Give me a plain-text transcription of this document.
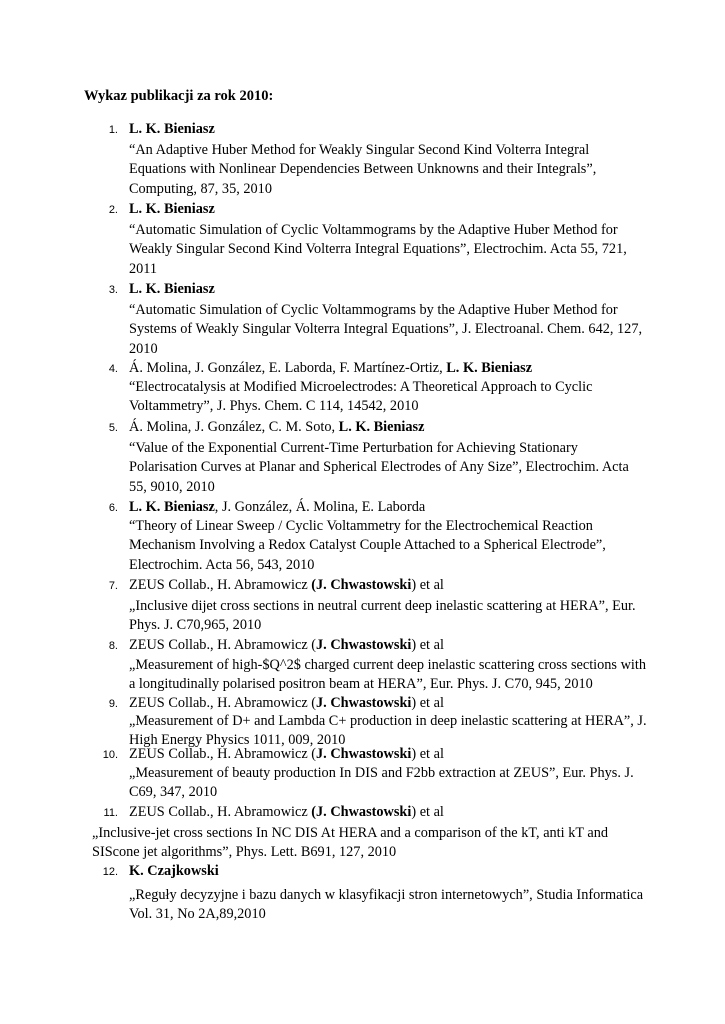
Wykaz publikacji za rok 2010:
1. L. K. Bieniasz
“An Adaptive Huber Method for Weakly Singular Second Kind Volterra Integral Equations with Nonlinear Dependencies Between Unknowns and their Integrals”, Computing, 87, 35, 2010
2. L. K. Bieniasz
“Automatic Simulation of Cyclic Voltammograms by the Adaptive Huber Method for Weakly Singular Second Kind Volterra Integral Equations”, Electrochim. Acta 55, 721, 2011
3. L. K. Bieniasz
“Automatic Simulation of Cyclic Voltammograms by the Adaptive Huber Method for Systems of Weakly Singular Volterra Integral Equations”, J. Electroanal. Chem. 642, 127, 2010
4. Á. Molina, J. González, E. Laborda, F. Martínez-Ortiz, L. K. Bieniasz
“Electrocatalysis at Modified Microelectrodes: A Theoretical Approach to Cyclic Voltammetry”, J. Phys. Chem. C 114, 14542, 2010
5. Á. Molina, J. González, C. M. Soto, L. K. Bieniasz
“Value of the Exponential Current-Time Perturbation for Achieving Stationary Polarisation Curves at Planar and Spherical Electrodes of Any Size”, Electrochim. Acta 55, 9010, 2010
6. L. K. Bieniasz, J. González, Á. Molina, E. Laborda
“Theory of Linear Sweep / Cyclic Voltammetry for the Electrochemical Reaction Mechanism Involving a Redox Catalyst Couple Attached to a Spherical Electrode”, Electrochim. Acta 56, 543, 2010
7. ZEUS Collab., H. Abramowicz (J. Chwastowski) et al
„Inclusive dijet cross sections in neutral current deep inelastic scattering at HERA”, Eur. Phys. J. C70,965, 2010
8. ZEUS Collab., H. Abramowicz (J. Chwastowski) et al
„Measurement of high-$Q^2$ charged current deep inelastic scattering cross sections with a longitudinally polarised positron beam at HERA”, Eur. Phys. J. C70, 945, 2010
9. ZEUS Collab., H. Abramowicz (J. Chwastowski) et al
„Measurement of D+ and Lambda C+ production in deep inelastic scattering at HERA”, J. High Energy Physics 1011, 009, 2010
10. ZEUS Collab., H. Abramowicz (J. Chwastowski) et al
„Measurement of beauty production In DIS and F2bb extraction at ZEUS”, Eur. Phys. J. C69, 347, 2010
11. ZEUS Collab., H. Abramowicz (J. Chwastowski) et al
„Inclusive-jet cross sections In NC DIS At HERA and a comparison of the kT, anti kT and SIScone jet algorithms”, Phys. Lett. B691, 127, 2010
12. K. Czajkowski
„Reguły decyzyjne i bazu danych w klasyfikacji stron internetowych”, Studia Informatica Vol. 31, No 2A,89,2010
